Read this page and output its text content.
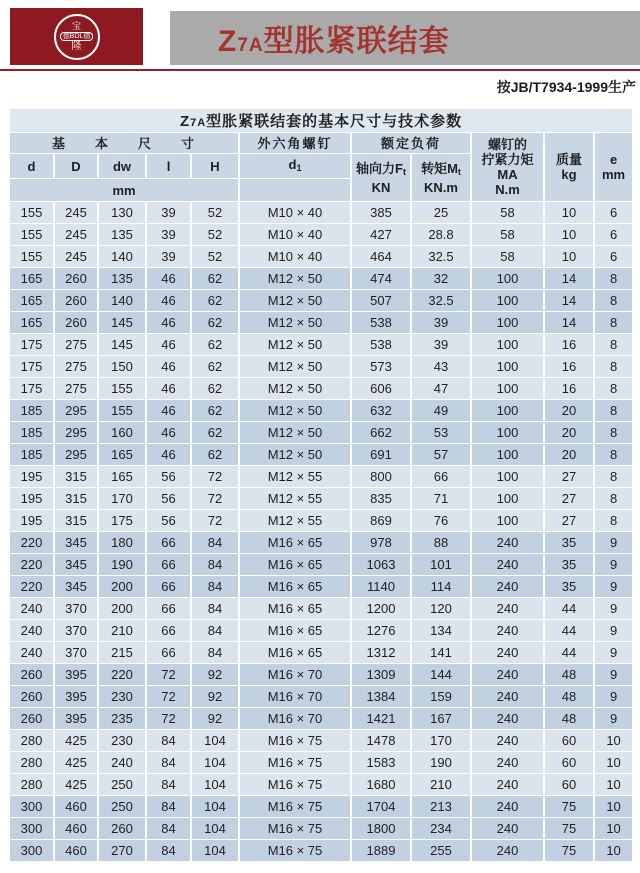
宝
德BDL德
隆	Z7A型胀紧联结套
按JB/T7934-1999生产
Z7A型胀紧联结套的基本尺寸与技术参数										
基本尺寸					外六角螺钉	额定负荷		螺钉的
拧紧力矩
MA
N.m	质量
kg	e
mm

d	D	dw	l	H	d1	轴向力Ft
KN	转矩Mt
KN.m			

mm										
155	245	130	39	52	M10 × 40	385	25	58	10	6
155	245	135	39	52	M10 × 40	427	28.8	58	10	6
155	245	140	39	52	M10 × 40	464	32.5	58	10	6
165	260	135	46	62	M12 × 50	474	32	100	14	8
165	260	140	46	62	M12 × 50	507	32.5	100	14	8
165	260	145	46	62	M12 × 50	538	39	100	14	8
175	275	145	46	62	M12 × 50	538	39	100	16	8
175	275	150	46	62	M12 × 50	573	43	100	16	8
175	275	155	46	62	M12 × 50	606	47	100	16	8
185	295	155	46	62	M12 × 50	632	49	100	20	8
185	295	160	46	62	M12 × 50	662	53	100	20	8
185	295	165	46	62	M12 × 50	691	57	100	20	8
195	315	165	56	72	M12 × 55	800	66	100	27	8
195	315	170	56	72	M12 × 55	835	71	100	27	8
195	315	175	56	72	M12 × 55	869	76	100	27	8
220	345	180	66	84	M16 × 65	978	88	240	35	9
220	345	190	66	84	M16 × 65	1063	101	240	35	9
220	345	200	66	84	M16 × 65	1140	114	240	35	9
240	370	200	66	84	M16 × 65	1200	120	240	44	9
240	370	210	66	84	M16 × 65	1276	134	240	44	9
240	370	215	66	84	M16 × 65	1312	141	240	44	9
260	395	220	72	92	M16 × 70	1309	144	240	48	9
260	395	230	72	92	M16 × 70	1384	159	240	48	9
260	395	235	72	92	M16 × 70	1421	167	240	48	9
280	425	230	84	104	M16 × 75	1478	170	240	60	10
280	425	240	84	104	M16 × 75	1583	190	240	60	10
280	425	250	84	104	M16 × 75	1680	210	240	60	10
300	460	250	84	104	M16 × 75	1704	213	240	75	10
300	460	260	84	104	M16 × 75	1800	234	240	75	10
300	460	270	84	104	M16 × 75	1889	255	240	75	10
